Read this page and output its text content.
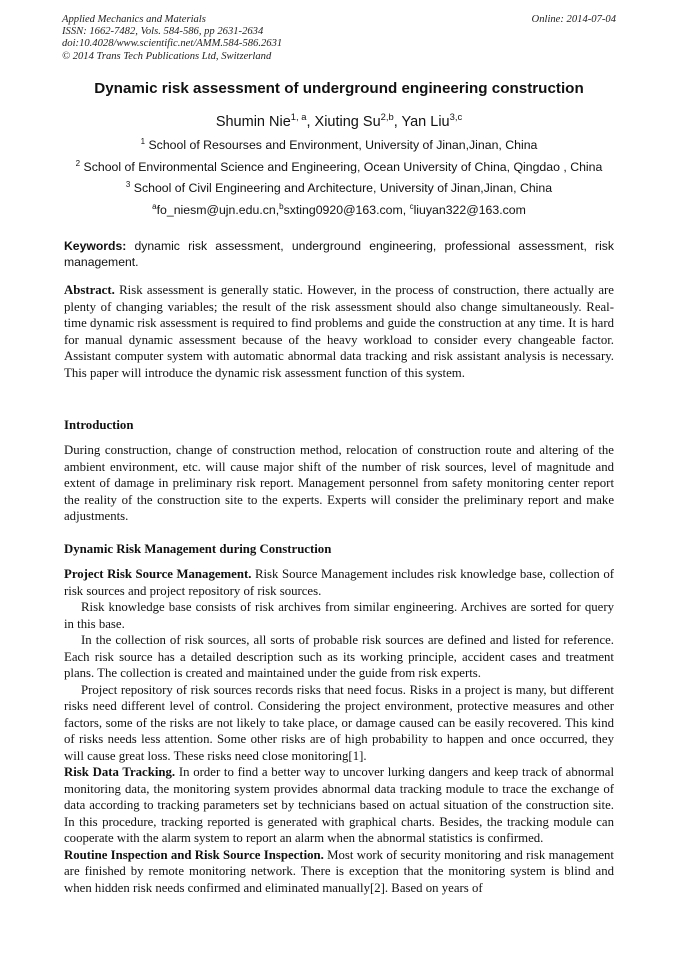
Applied Mechanics and Materials
ISSN: 1662-7482, Vols. 584-586, pp 2631-2634
doi:10.4028/www.scientific.net/AMM.584-586.2631
© 2014 Trans Tech Publications Ltd, Switzerland
Online: 2014-07-04
Dynamic risk assessment of underground engineering construction
Shumin Nie$^{1, a}$, Xiuting Su$^{2,b}$, Yan Liu$^{3,c}$
$^1$ School of Resourses and Environment, University of Jinan,Jinan, China
$^2$ School of Environmental Science and Engineering, Ocean University of China, Qingdao , China
$^3$ School of Civil Engineering and Architecture, University of Jinan,Jinan, China
$^a$fo_niesm@ujn.edu.cn,$^b$sxting0920@163.com, $^c$liuyan322@163.com
Keywords: dynamic risk assessment, underground engineering, professional assessment, risk management.

Abstract. Risk assessment is generally static. However, in the process of construction, there actually are plenty of changing variables; the result of the risk assessment should also change simultaneously. Real-time dynamic risk assessment is required to find problems and guide the construction at any time. It is hard for manual dynamic assessment because of the heavy workload to consider every changeable factor. Assistant computer system with automatic abnormal data tracking and risk assistant analysis is necessary. This paper will introduce the dynamic risk assessment function of this system.

Introduction

During construction, change of construction method, relocation of construction route and altering of the ambient environment, etc. will cause major shift of the number of risk sources, level of magnitude and extent of damage in preliminary risk report. Management personnel from safety monitoring center report the reality of the construction site to the experts. Experts will consider the preliminary report and make adjustments.

Dynamic Risk Management during Construction

Project Risk Source Management. Risk Source Management includes risk knowledge base, collection of risk sources and project repository of risk sources.

Risk knowledge base consists of risk archives from similar engineering. Archives are sorted for query in this base.

In the collection of risk sources, all sorts of probable risk sources are defined and listed for reference. Each risk source has a detailed description such as its working principle, accident cases and treatment plans. The collection is created and maintained under the guide from risk experts.

Project repository of risk sources records risks that need focus. Risks in a project is many, but different risks need different level of control. Considering the project environment, protective measures and other factors, some of the risks are not likely to take place, or damage caused can be easily recovered. This kind of risks needs less attention. Some other risks are of high probability to happen and once occurred, they will cause great loss. These risks need close monitoring[1].

Risk Data Tracking. In order to find a better way to uncover lurking dangers and keep track of abnormal monitoring data, the monitoring system provides abnormal data tracking module to trace the exchange of data according to tracking parameters set by technicians based on actual situation of the construction site. In this procedure, tracking reported is generated with graphical charts. Besides, the tracking module can cooperate with the alarm system to report an alarm when the abnormal statistics is confirmed.

Routine Inspection and Risk Source Inspection. Most work of security monitoring and risk management are finished by remote monitoring network. There is exception that the monitoring system is blind and when hidden risk needs confirmed and eliminated manually[2]. Based on years of
